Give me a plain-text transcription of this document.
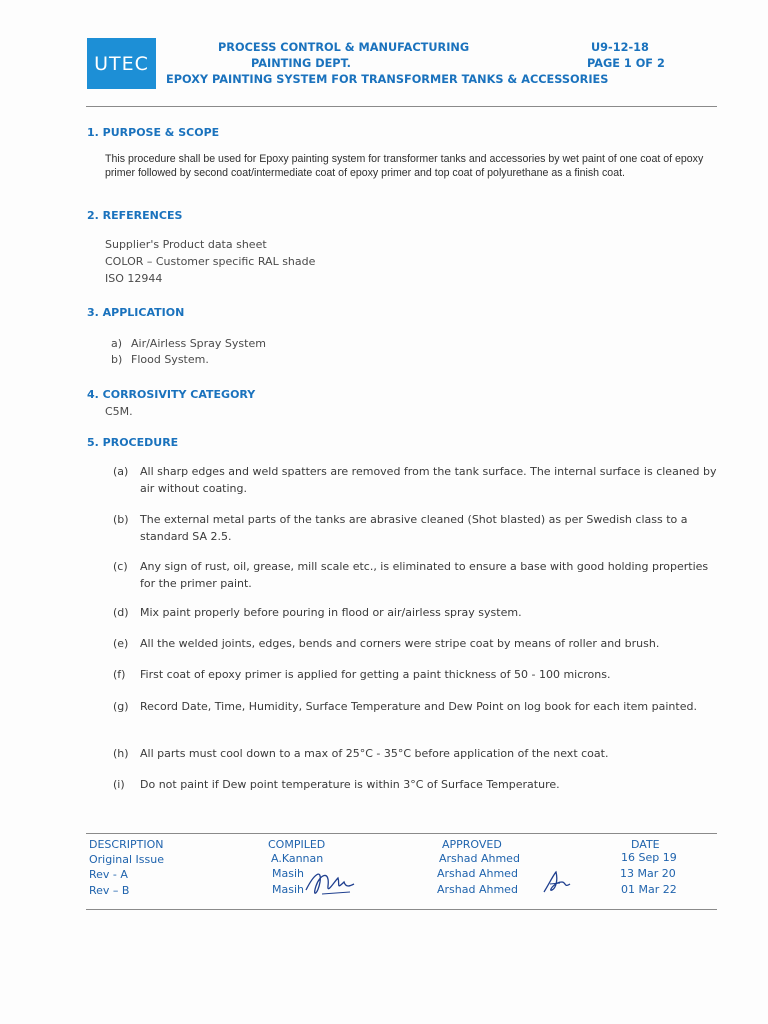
UTEC
PROCESS CONTROL & MANUFACTURING
PAINTING DEPT.
EPOXY PAINTING SYSTEM FOR TRANSFORMER TANKS & ACCESSORIES
U9-12-18
PAGE 1 OF 2
1. PURPOSE & SCOPE
This procedure shall be used for Epoxy painting system for transformer tanks and accessories by wet paint of one coat of epoxy primer followed by second coat/intermediate coat of epoxy primer and top coat of polyurethane as a finish coat.
2. REFERENCES
Supplier's Product data sheet
COLOR – Customer specific RAL shade
ISO 12944
3. APPLICATION
a) Air/Airless Spray System
b) Flood System.
4. CORROSIVITY CATEGORY
C5M.
5. PROCEDURE
(a) All sharp edges and weld spatters are removed from the tank surface. The internal surface is cleaned by air without coating.
(b) The external metal parts of the tanks are abrasive cleaned (Shot blasted) as per Swedish class to a standard SA 2.5.
(c) Any sign of rust, oil, grease, mill scale etc., is eliminated to ensure a base with good holding properties for the primer paint.
(d) Mix paint properly before pouring in flood or air/airless spray system.
(e) All the welded joints, edges, bends and corners were stripe coat by means of roller and brush.
(f) First coat of epoxy primer is applied for getting a paint thickness of 50 - 100 microns.
(g) Record Date, Time, Humidity, Surface Temperature and Dew Point on log book for each item painted.
(h) All parts must cool down to a max of 25°C - 35°C before application of the next coat.
(i) Do not paint if Dew point temperature is within 3°C of Surface Temperature.
DESCRIPTION	COMPILED	APPROVED	DATE
Original Issue	A.Kannan	Arshad Ahmed	16 Sep 19
Rev - A	Masih	Arshad Ahmed	13 Mar 20
Rev – B	Masih	Arshad Ahmed	01 Mar 22
